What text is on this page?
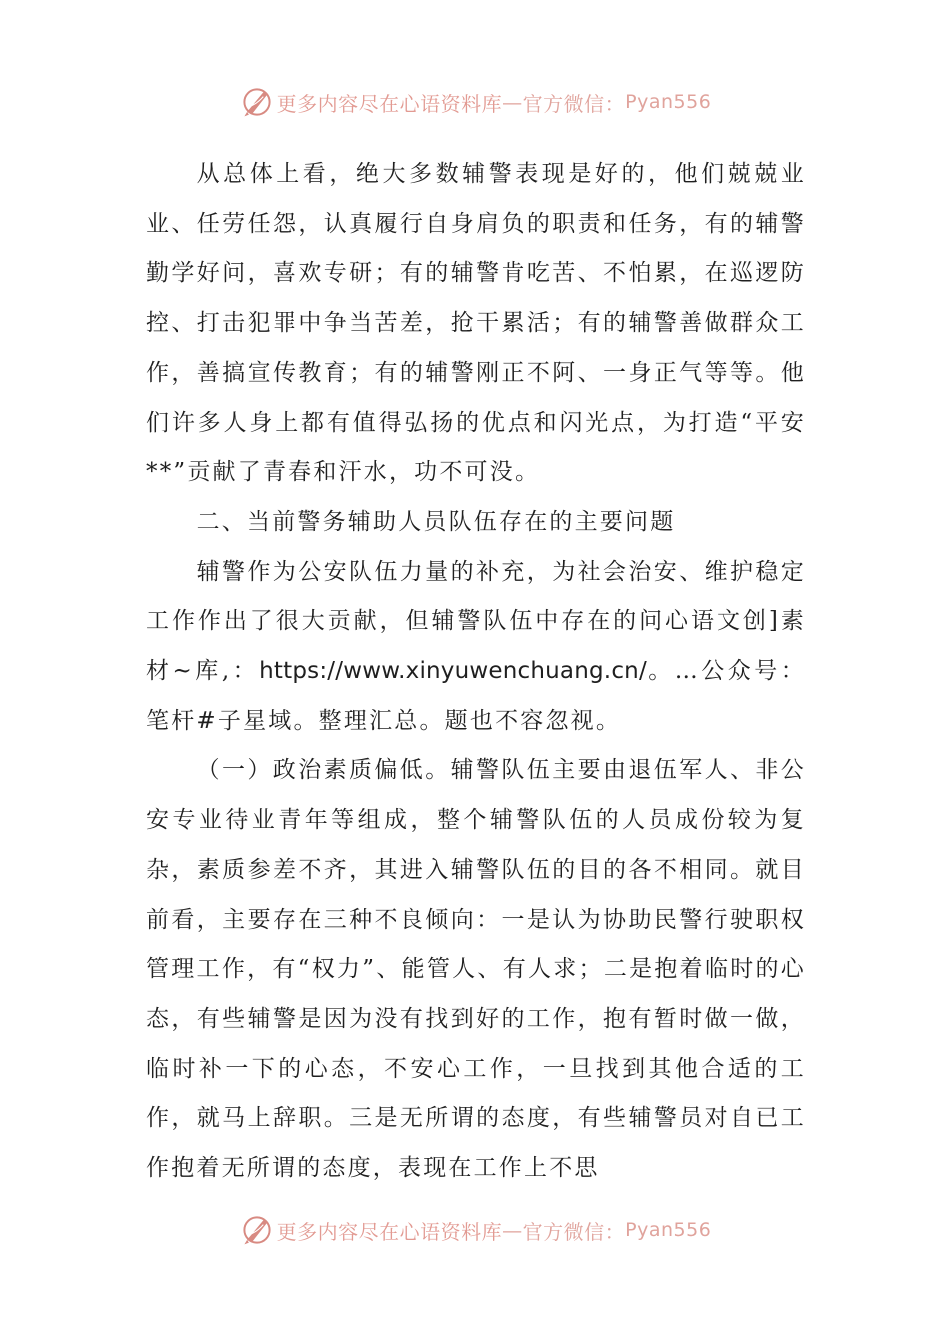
更多内容尽在心语资料库 — 官方微信： Pyan556

从总体上看，绝大多数辅警表现是好的，他们兢兢业业、任劳任怨，认真履行自身肩负的职责和任务，有的辅警勤学好问，喜欢专研；有的辅警肯吃苦、不怕累，在巡逻防控、打击犯罪中争当苦差，抢干累活；有的辅警善做群众工作，善搞宣传教育；有的辅警刚正不阿、一身正气等等。他们许多人身上都有值得弘扬的优点和闪光点，为打造“平安**”贡献了青春和汗水，功不可没。

二、当前警务辅助人员队伍存在的主要问题

辅警作为公安队伍力量的补充，为社会治安、维护稳定工作作出了很大贡献，但辅警队伍中存在的问心语文创]素材~库,：https://www.xinyuwenchuang.cn/。…公众号：笔杆#子星域。整理汇总。题也不容忽视。

（一）政治素质偏低。辅警队伍主要由退伍军人、非公安专业待业青年等组成，整个辅警队伍的人员成份较为复杂，素质参差不齐，其进入辅警队伍的目的各不相同。就目前看，主要存在三种不良倾向：一是认为协助民警行驶职权管理工作，有“权力”、能管人、有人求；二是抱着临时的心态，有些辅警是因为没有找到好的工作，抱有暂时做一做，临时补一下的心态，不安心工作，一旦找到其他合适的工作，就马上辞职。三是无所谓的态度，有些辅警员对自已工作抱着无所谓的态度，表现在工作上不思

更多内容尽在心语资料库 — 官方微信： Pyan556
